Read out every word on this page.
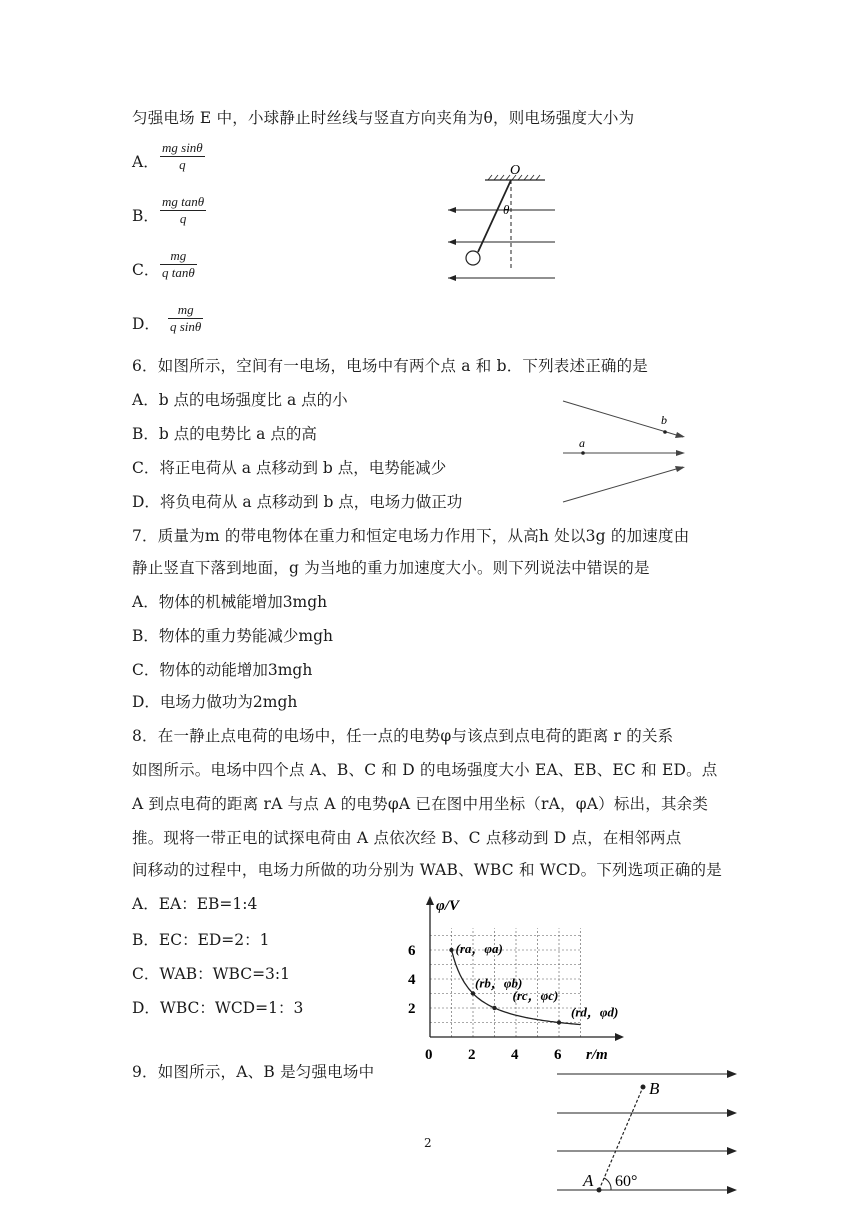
匀强电场 E 中，小球静止时丝线与竖直方向夹角为θ，则电场强度大小为
A． $\frac{\text{mg sinθ}}{q}$
B． $\frac{\text{mg tanθ}}{q}$
C． $\frac{mg}{\text{q tanθ}}$
D． $\frac{mg}{\text{q sinθ}}$
O
θ
6．如图所示，空间有一电场，电场中有两个点 a 和 b．下列表述正确的是
A．b 点的电场强度比 a 点的小
B．b 点的电势比 a 点的高
C．将正电荷从 a 点移动到 b 点，电势能减少
D．将负电荷从 a 点移动到 b 点，电场力做正功
a
b
7．质量为m 的带电物体在重力和恒定电场力作用下，从高h 处以3g 的加速度由
静止竖直下落到地面，g 为当地的重力加速度大小。则下列说法中错误的是
A．物体的机械能增加3mgh
B．物体的重力势能减少mgh
C．物体的动能增加3mgh
D．电场力做功为2mgh
8．在一静止点电荷的电场中，任一点的电势φ与该点到点电荷的距离 r 的关系
如图所示。电场中四个点 A、B、C 和 D 的电场强度大小 EA、EB、EC 和 ED。点
A 到点电荷的距离 rA 与点 A 的电势φA 已在图中用坐标（rA，φA）标出，其余类
推。现将一带正电的试探电荷由 A 点依次经 B、C 点移动到 D 点，在相邻两点
间移动的过程中，电场力所做的功分别为 WAB、WBC 和 WCD。下列选项正确的是
A．EA：EB=1:4
B．EC：ED=2：1
C．WAB：WBC=3:1
D．WBC：WCD=1：3
0 2 4 6
2
4
6	(ra，φa)
(rb，φb)
(rc，φc)
(rd，φd)
φ/V
r/m
9．如图所示，A、B 是匀强电场中
B
A 60°
2
